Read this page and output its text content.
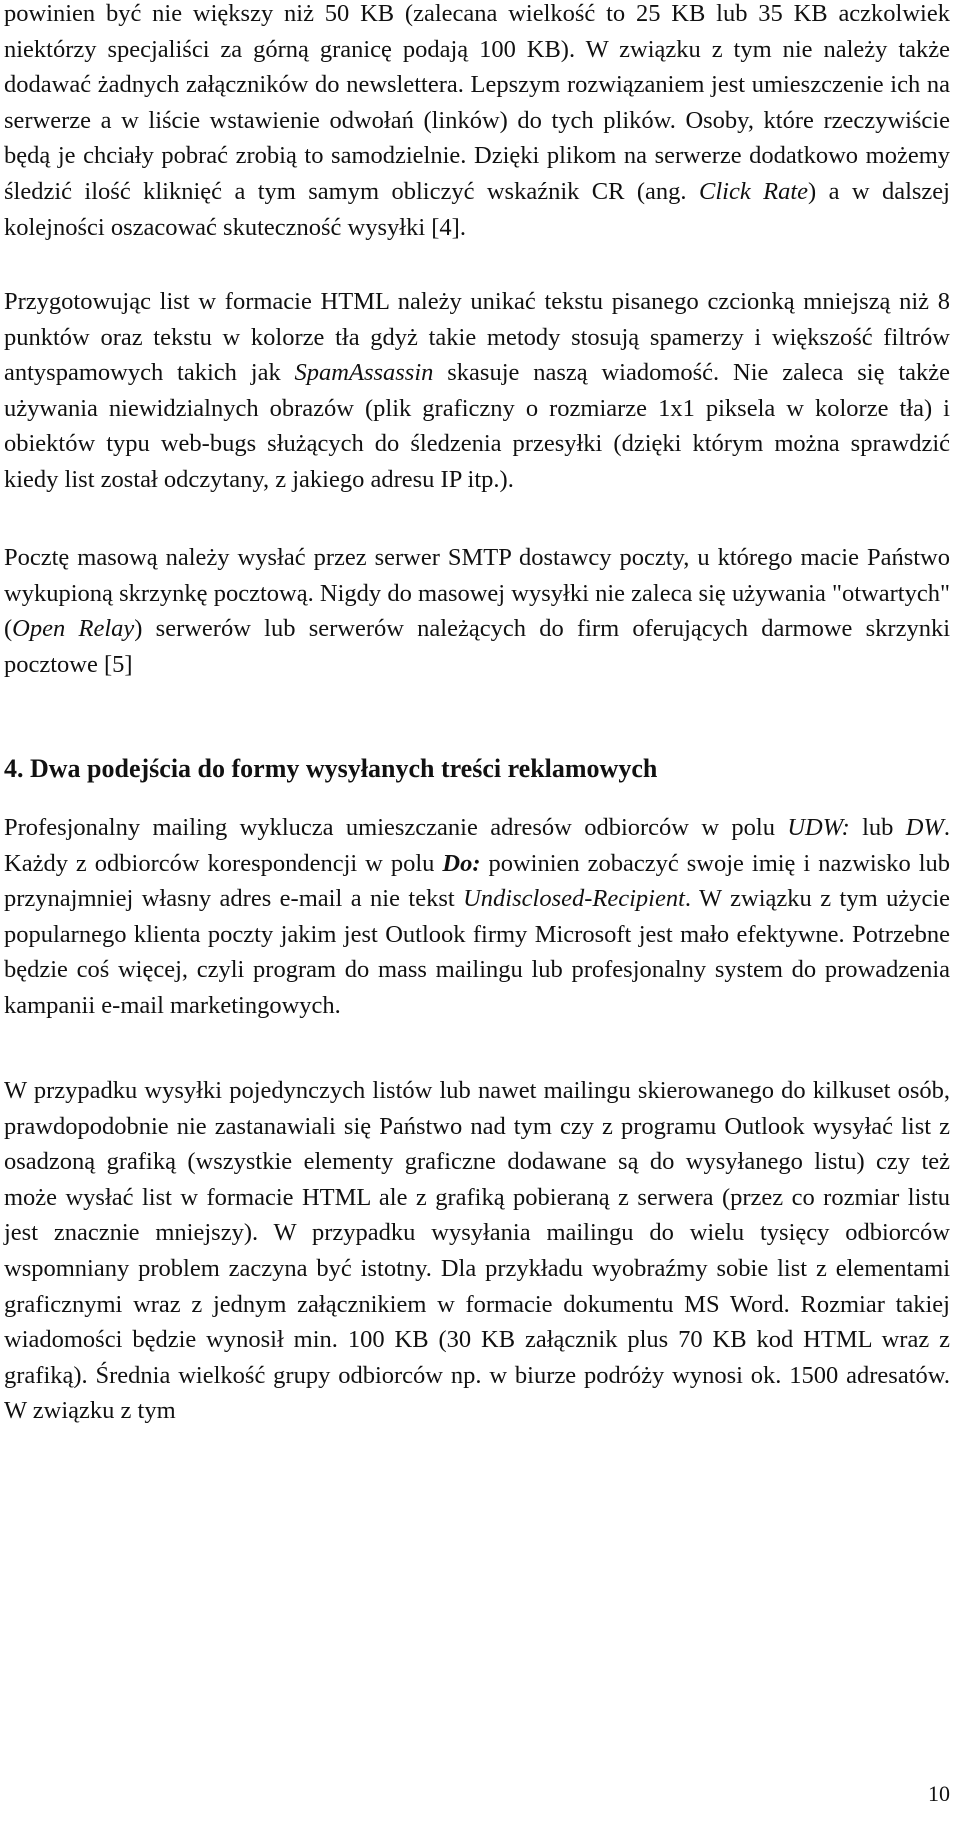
powinien być nie większy niż 50 KB (zalecana wielkość to 25 KB lub 35 KB aczkolwiek niektórzy specjaliści za górną granicę podają 100 KB). W związku z tym nie należy także dodawać żadnych załączników do newslettera. Lepszym rozwiązaniem jest umieszczenie ich na serwerze a w liście wstawienie odwołań (linków) do tych plików. Osoby, które rzeczywiście będą je chciały pobrać zrobią to samodzielnie. Dzięki plikom na serwerze dodatkowo możemy śledzić ilość kliknięć a tym samym obliczyć wskaźnik CR (ang. Click Rate) a w dalszej kolejności oszacować skuteczność wysyłki [4].

Przygotowując list w formacie HTML należy unikać tekstu pisanego czcionką mniejszą niż 8 punktów oraz tekstu w kolorze tła gdyż takie metody stosują spamerzy i większość filtrów antyspamowych takich jak SpamAssassin skasuje naszą wiadomość. Nie zaleca się także używania niewidzialnych obrazów (plik graficzny o rozmiarze 1x1 piksela w kolorze tła) i obiektów typu web-bugs służących do śledzenia przesyłki (dzięki którym można sprawdzić kiedy list został odczytany, z jakiego adresu IP itp.).

Pocztę masową należy wysłać przez serwer SMTP dostawcy poczty, u którego macie Państwo wykupioną skrzynkę pocztową. Nigdy do masowej wysyłki nie zaleca się używania "otwartych" (Open Relay) serwerów lub serwerów należących do firm oferujących darmowe skrzynki pocztowe [5]

4. Dwa podejścia do formy wysyłanych treści reklamowych

Profesjonalny mailing wyklucza umieszczanie adresów odbiorców w polu UDW: lub DW. Każdy z odbiorców korespondencji w polu Do: powinien zobaczyć swoje imię i nazwisko lub przynajmniej własny adres e-mail a nie tekst Undisclosed-Recipient. W związku z tym użycie popularnego klienta poczty jakim jest Outlook firmy Microsoft jest mało efektywne. Potrzebne będzie coś więcej, czyli program do mass mailingu lub profesjonalny system do prowadzenia kampanii e-mail marketingowych.

W przypadku wysyłki pojedynczych listów lub nawet mailingu skierowanego do kilkuset osób, prawdopodobnie nie zastanawiali się Państwo nad tym czy z programu Outlook wysyłać list z osadzoną grafiką (wszystkie elementy graficzne dodawane są do wysyłanego listu) czy też może wysłać list w formacie HTML ale z grafiką pobieraną z serwera (przez co rozmiar listu jest znacznie mniejszy). W przypadku wysyłania mailingu do wielu tysięcy odbiorców wspomniany problem zaczyna być istotny. Dla przykładu wyobraźmy sobie list z elementami graficznymi wraz z jednym załącznikiem w formacie dokumentu MS Word. Rozmiar takiej wiadomości będzie wynosił min. 100 KB (30 KB załącznik plus 70 KB kod HTML wraz z grafiką). Średnia wielkość grupy odbiorców np. w biurze podróży wynosi ok. 1500 adresatów. W związku z tym

10
